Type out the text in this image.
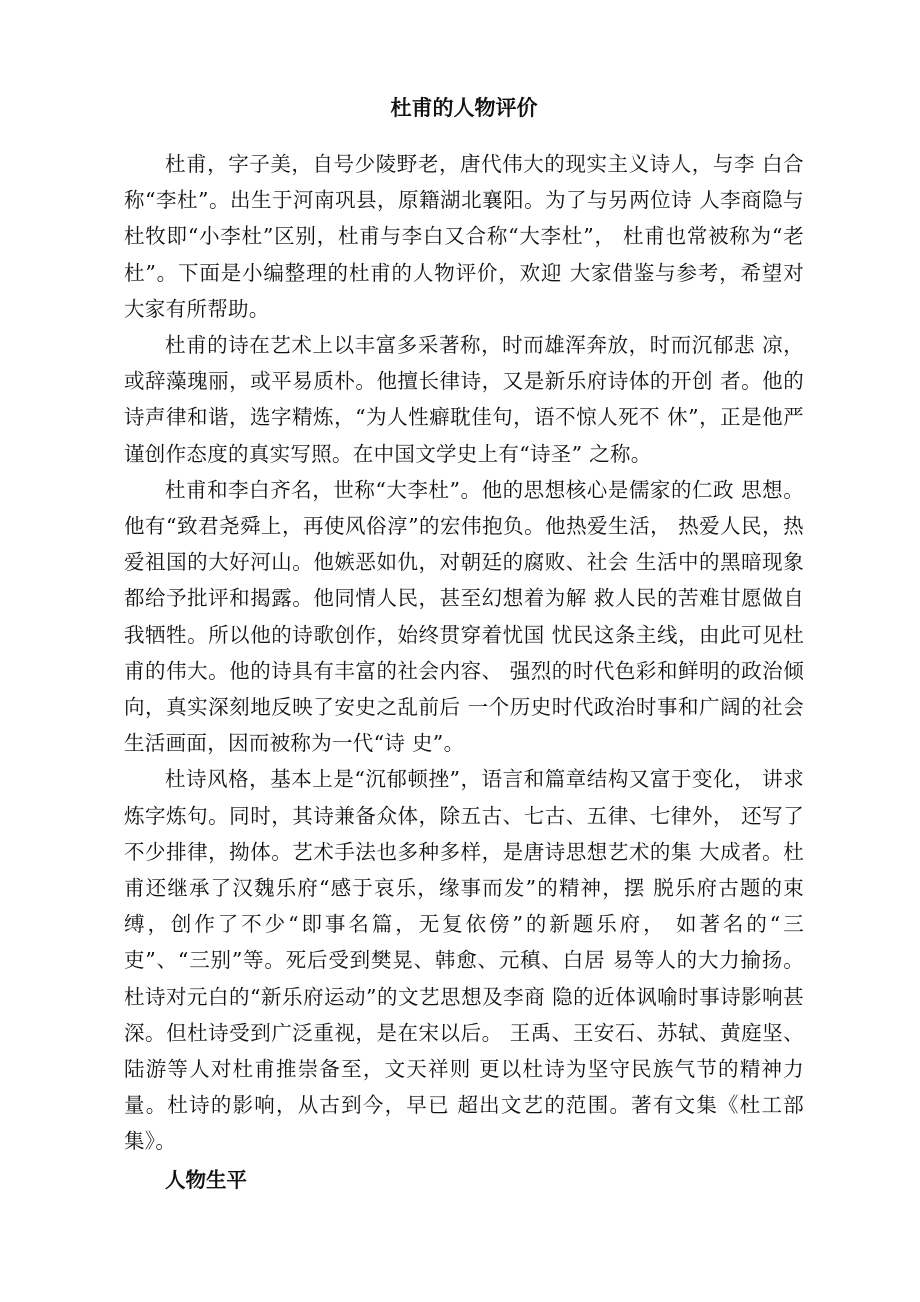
杜甫的人物评价

杜甫，字子美，自号少陵野老，唐代伟大的现实主义诗人，与李 白合称“李杜”。出生于河南巩县，原籍湖北襄阳。为了与另两位诗 人李商隐与杜牧即“小李杜”区别，杜甫与李白又合称“大李杜”， 杜甫也常被称为“老杜”。下面是小编整理的杜甫的人物评价，欢迎 大家借鉴与参考，希望对大家有所帮助。

杜甫的诗在艺术上以丰富多采著称，时而雄浑奔放，时而沉郁悲 凉，或辞藻瑰丽，或平易质朴。他擅长律诗，又是新乐府诗体的开创 者。他的诗声律和谐，选字精炼，“为人性癖耽佳句，语不惊人死不 休”，正是他严谨创作态度的真实写照。在中国文学史上有“诗圣” 之称。

杜甫和李白齐名，世称“大李杜”。他的思想核心是儒家的仁政 思想。他有“致君尧舜上，再使风俗淳”的宏伟抱负。他热爱生活， 热爱人民，热爱祖国的大好河山。他嫉恶如仇，对朝廷的腐败、社会 生活中的黑暗现象都给予批评和揭露。他同情人民，甚至幻想着为解 救人民的苦难甘愿做自我牺牲。所以他的诗歌创作，始终贯穿着忧国 忧民这条主线，由此可见杜甫的伟大。他的诗具有丰富的社会内容、 强烈的时代色彩和鲜明的政治倾向，真实深刻地反映了安史之乱前后 一个历史时代政治时事和广阔的社会生活画面，因而被称为一代“诗 史”。

杜诗风格，基本上是“沉郁顿挫”，语言和篇章结构又富于变化， 讲求炼字炼句。同时，其诗兼备众体，除五古、七古、五律、七律外， 还写了不少排律，拗体。艺术手法也多种多样，是唐诗思想艺术的集 大成者。杜甫还继承了汉魏乐府“感于哀乐，缘事而发”的精神，摆 脱乐府古题的束缚，创作了不少“即事名篇，无复依傍”的新题乐府， 如著名的“三吏”、“三别”等。死后受到樊晃、韩愈、元稹、白居 易等人的大力揄扬。杜诗对元白的“新乐府运动”的文艺思想及李商 隐的近体讽喻时事诗影响甚深。但杜诗受到广泛重视，是在宋以后。 王禹、王安石、苏轼、黄庭坚、陆游等人对杜甫推崇备至，文天祥则 更以杜诗为坚守民族气节的精神力量。杜诗的影响，从古到今，早已 超出文艺的范围。著有文集《杜工部集》。

人物生平
